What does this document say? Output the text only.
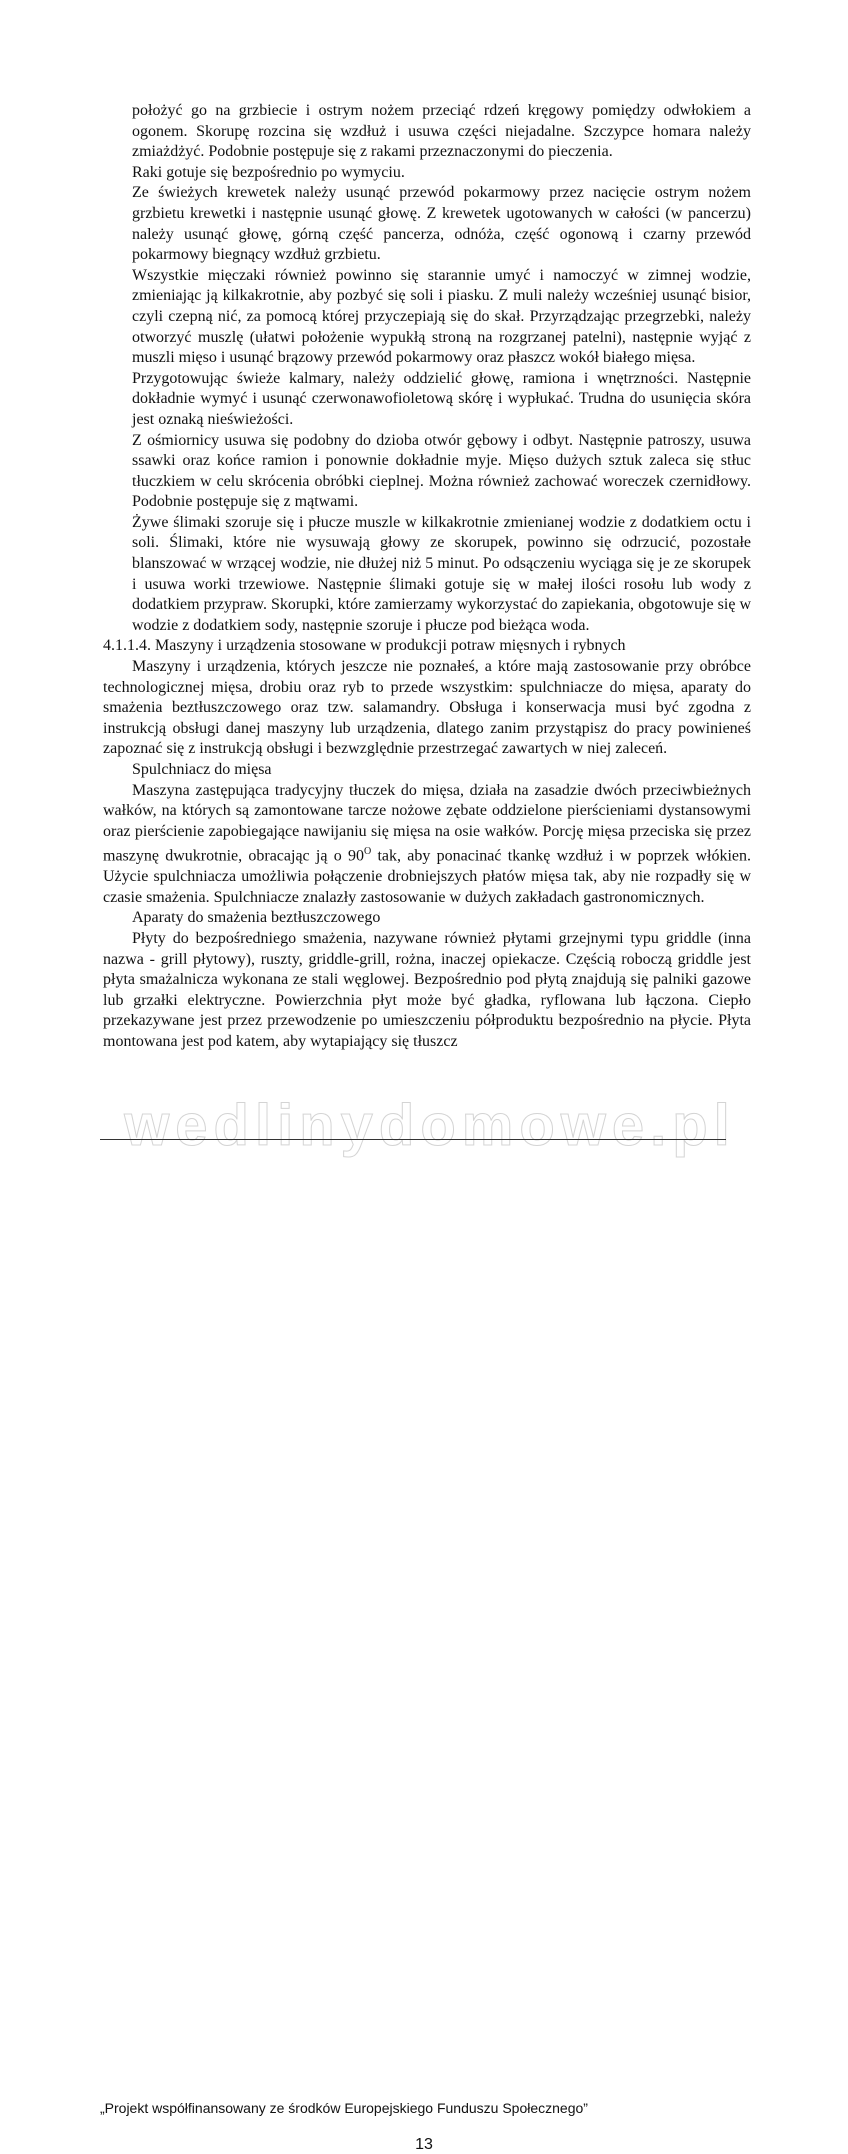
wedlinydomowe.pl

położyć go na grzbiecie i ostrym nożem przeciąć rdzeń kręgowy pomiędzy odwłokiem a ogonem. Skorupę rozcina się wzdłuż i usuwa części niejadalne. Szczypce homara należy zmiażdżyć. Podobnie postępuje się z rakami przeznaczonymi do pieczenia.

Raki gotuje się bezpośrednio po wymyciu.

Ze świeżych krewetek należy usunąć przewód pokarmowy przez nacięcie ostrym nożem grzbietu krewetki i następnie usunąć głowę. Z krewetek ugotowanych w całości (w pancerzu) należy usunąć głowę, górną część pancerza, odnóża, część ogonową i czarny przewód pokarmowy biegnący wzdłuż grzbietu.

Wszystkie mięczaki również powinno się starannie umyć i namoczyć w zimnej wodzie, zmieniając ją kilkakrotnie, aby pozbyć się soli i piasku. Z muli należy wcześniej usunąć bisior, czyli czepną nić, za pomocą której przyczepiają się do skał. Przyrządzając przegrzebki, należy otworzyć muszlę (ułatwi położenie wypukłą stroną na rozgrzanej patelni), następnie wyjąć z muszli mięso i usunąć brązowy przewód pokarmowy oraz płaszcz wokół białego mięsa.

Przygotowując świeże kalmary, należy oddzielić głowę, ramiona i wnętrzności. Następnie dokładnie wymyć i usunąć czerwonawofioletową skórę i wypłukać. Trudna do usunięcia skóra jest oznaką nieświeżości.

Z ośmiornicy usuwa się podobny do dzioba otwór gębowy i odbyt. Następnie patroszy, usuwa ssawki oraz końce ramion i ponownie dokładnie myje. Mięso dużych sztuk zaleca się stłuc tłuczkiem w celu skrócenia obróbki cieplnej. Można również zachować woreczek czernidłowy. Podobnie postępuje się z mątwami.

Żywe ślimaki szoruje się i płucze muszle w kilkakrotnie zmienianej wodzie z dodatkiem octu i soli. Ślimaki, które nie wysuwają głowy ze skorupek, powinno się odrzucić, pozostałe blanszować w wrzącej wodzie, nie dłużej niż 5 minut. Po odsączeniu wyciąga się je ze skorupek i usuwa worki trzewiowe. Następnie ślimaki gotuje się w małej ilości rosołu lub wody z dodatkiem przypraw. Skorupki, które zamierzamy wykorzystać do zapiekania, obgotowuje się w wodzie z dodatkiem sody, następnie szoruje i płucze pod bieżąca woda.

4.1.1.4. Maszyny i urządzenia stosowane w produkcji potraw mięsnych i rybnych

Maszyny i urządzenia, których jeszcze nie poznałeś, a które mają zastosowanie przy obróbce technologicznej mięsa, drobiu oraz ryb to przede wszystkim: spulchniacze do mięsa, aparaty do smażenia beztłuszczowego oraz tzw. salamandry. Obsługa i konserwacja musi być zgodna z instrukcją obsługi danej maszyny lub urządzenia, dlatego zanim przystąpisz do pracy powinieneś zapoznać się z instrukcją obsługi i bezwzględnie przestrzegać zawartych w niej zaleceń.

Spulchniacz do mięsa

Maszyna zastępująca tradycyjny tłuczek do mięsa, działa na zasadzie dwóch przeciwbieżnych wałków, na których są zamontowane tarcze nożowe zębate oddzielone pierścieniami dystansowymi oraz pierścienie zapobiegające nawijaniu się mięsa na osie wałków. Porcję mięsa przeciska się przez maszynę dwukrotnie, obracając ją o $90^O$ tak, aby ponacinać tkankę wzdłuż i w poprzek włókien. Użycie spulchniacza umożliwia połączenie drobniejszych płatów mięsa tak, aby nie rozpadły się w czasie smażenia. Spulchniacze znalazły zastosowanie w dużych zakładach gastronomicznych.

Aparaty do smażenia beztłuszczowego

Płyty do bezpośredniego smażenia, nazywane również płytami grzejnymi typu griddle (inna nazwa - grill płytowy), ruszty, griddle-grill, rożna, inaczej opiekacze. Częścią roboczą griddle jest płyta smażalnicza wykonana ze stali węglowej. Bezpośrednio pod płytą znajdują się palniki gazowe lub grzałki elektryczne. Powierzchnia płyt może być gładka, ryflowana lub łączona. Ciepło przekazywane jest przez przewodzenie po umieszczeniu półproduktu bezpośrednio na płycie. Płyta montowana jest pod katem, aby wytapiający się tłuszcz

„Projekt współfinansowany ze środków Europejskiego Funduszu Społecznego”
13
